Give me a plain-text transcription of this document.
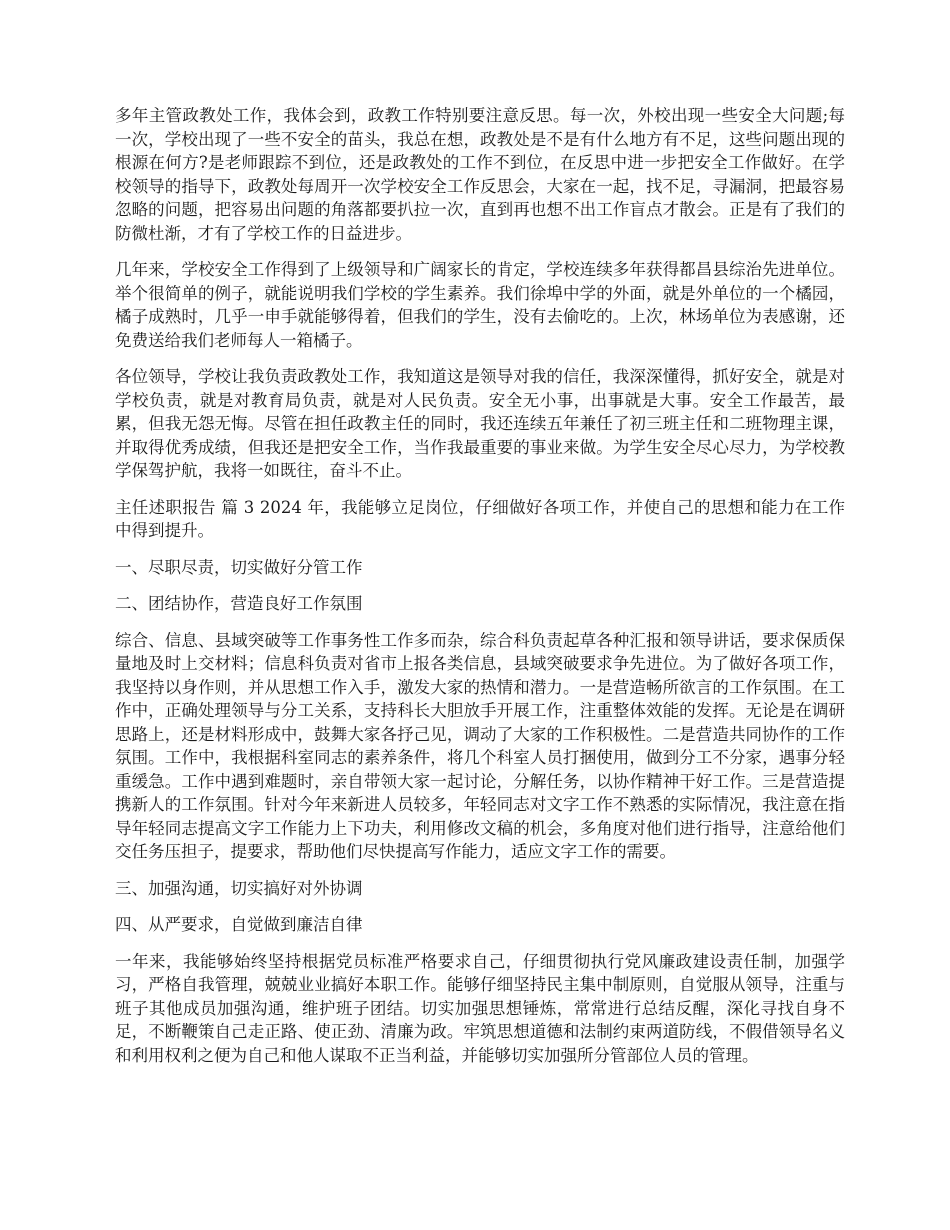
多年主管政教处工作，我体会到，政教工作特别要注意反思。每一次，外校出现一些安全大问题;每一次，学校出现了一些不安全的苗头，我总在想，政教处是不是有什么地方有不足，这些问题出现的根源在何方?是老师跟踪不到位，还是政教处的工作不到位，在反思中进一步把安全工作做好。在学校领导的指导下，政教处每周开一次学校安全工作反思会，大家在一起，找不足，寻漏洞，把最容易忽略的问题，把容易出问题的角落都要扒拉一次，直到再也想不出工作盲点才散会。正是有了我们的防微杜渐，才有了学校工作的日益进步。

几年来，学校安全工作得到了上级领导和广阔家长的肯定，学校连续多年获得都昌县综治先进单位。举个很简单的例子，就能说明我们学校的学生素养。我们徐埠中学的外面，就是外单位的一个橘园，橘子成熟时，几乎一申手就能够得着，但我们的学生，没有去偷吃的。上次，林场单位为表感谢，还免费送给我们老师每人一箱橘子。

各位领导，学校让我负责政教处工作，我知道这是领导对我的信任，我深深懂得，抓好安全，就是对学校负责，就是对教育局负责，就是对人民负责。安全无小事，出事就是大事。安全工作最苦，最累，但我无怨无悔。尽管在担任政教主任的同时，我还连续五年兼任了初三班主任和二班物理主课，并取得优秀成绩，但我还是把安全工作，当作我最重要的事业来做。为学生安全尽心尽力，为学校教学保驾护航，我将一如既往，奋斗不止。

主任述职报告 篇 3 2024 年，我能够立足岗位，仔细做好各项工作，并使自己的思想和能力在工作中得到提升。

一、尽职尽责，切实做好分管工作

二、团结协作，营造良好工作氛围

综合、信息、县域突破等工作事务性工作多而杂，综合科负责起草各种汇报和领导讲话，要求保质保量地及时上交材料；信息科负责对省市上报各类信息，县域突破要求争先进位。为了做好各项工作，我坚持以身作则，并从思想工作入手，激发大家的热情和潜力。一是营造畅所欲言的工作氛围。在工作中，正确处理领导与分工关系，支持科长大胆放手开展工作，注重整体效能的发挥。无论是在调研思路上，还是材料形成中，鼓舞大家各抒己见，调动了大家的工作积极性。二是营造共同协作的工作氛围。工作中，我根据科室同志的素养条件，将几个科室人员打捆使用，做到分工不分家，遇事分轻重缓急。工作中遇到难题时，亲自带领大家一起讨论，分解任务，以协作精神干好工作。三是营造提携新人的工作氛围。针对今年来新进人员较多，年轻同志对文字工作不熟悉的实际情况，我注意在指导年轻同志提高文字工作能力上下功夫，利用修改文稿的机会，多角度对他们进行指导，注意给他们交任务压担子，提要求，帮助他们尽快提高写作能力，适应文字工作的需要。

三、加强沟通，切实搞好对外协调

四、从严要求，自觉做到廉洁自律

一年来，我能够始终坚持根据党员标准严格要求自己，仔细贯彻执行党风廉政建设责任制，加强学习，严格自我管理，兢兢业业搞好本职工作。能够仔细坚持民主集中制原则，自觉服从领导，注重与班子其他成员加强沟通，维护班子团结。切实加强思想锤炼，常常进行总结反醒，深化寻找自身不足，不断鞭策自己走正路、使正劲、清廉为政。牢筑思想道德和法制约束两道防线，不假借领导名义和利用权利之便为自己和他人谋取不正当利益，并能够切实加强所分管部位人员的管理。
